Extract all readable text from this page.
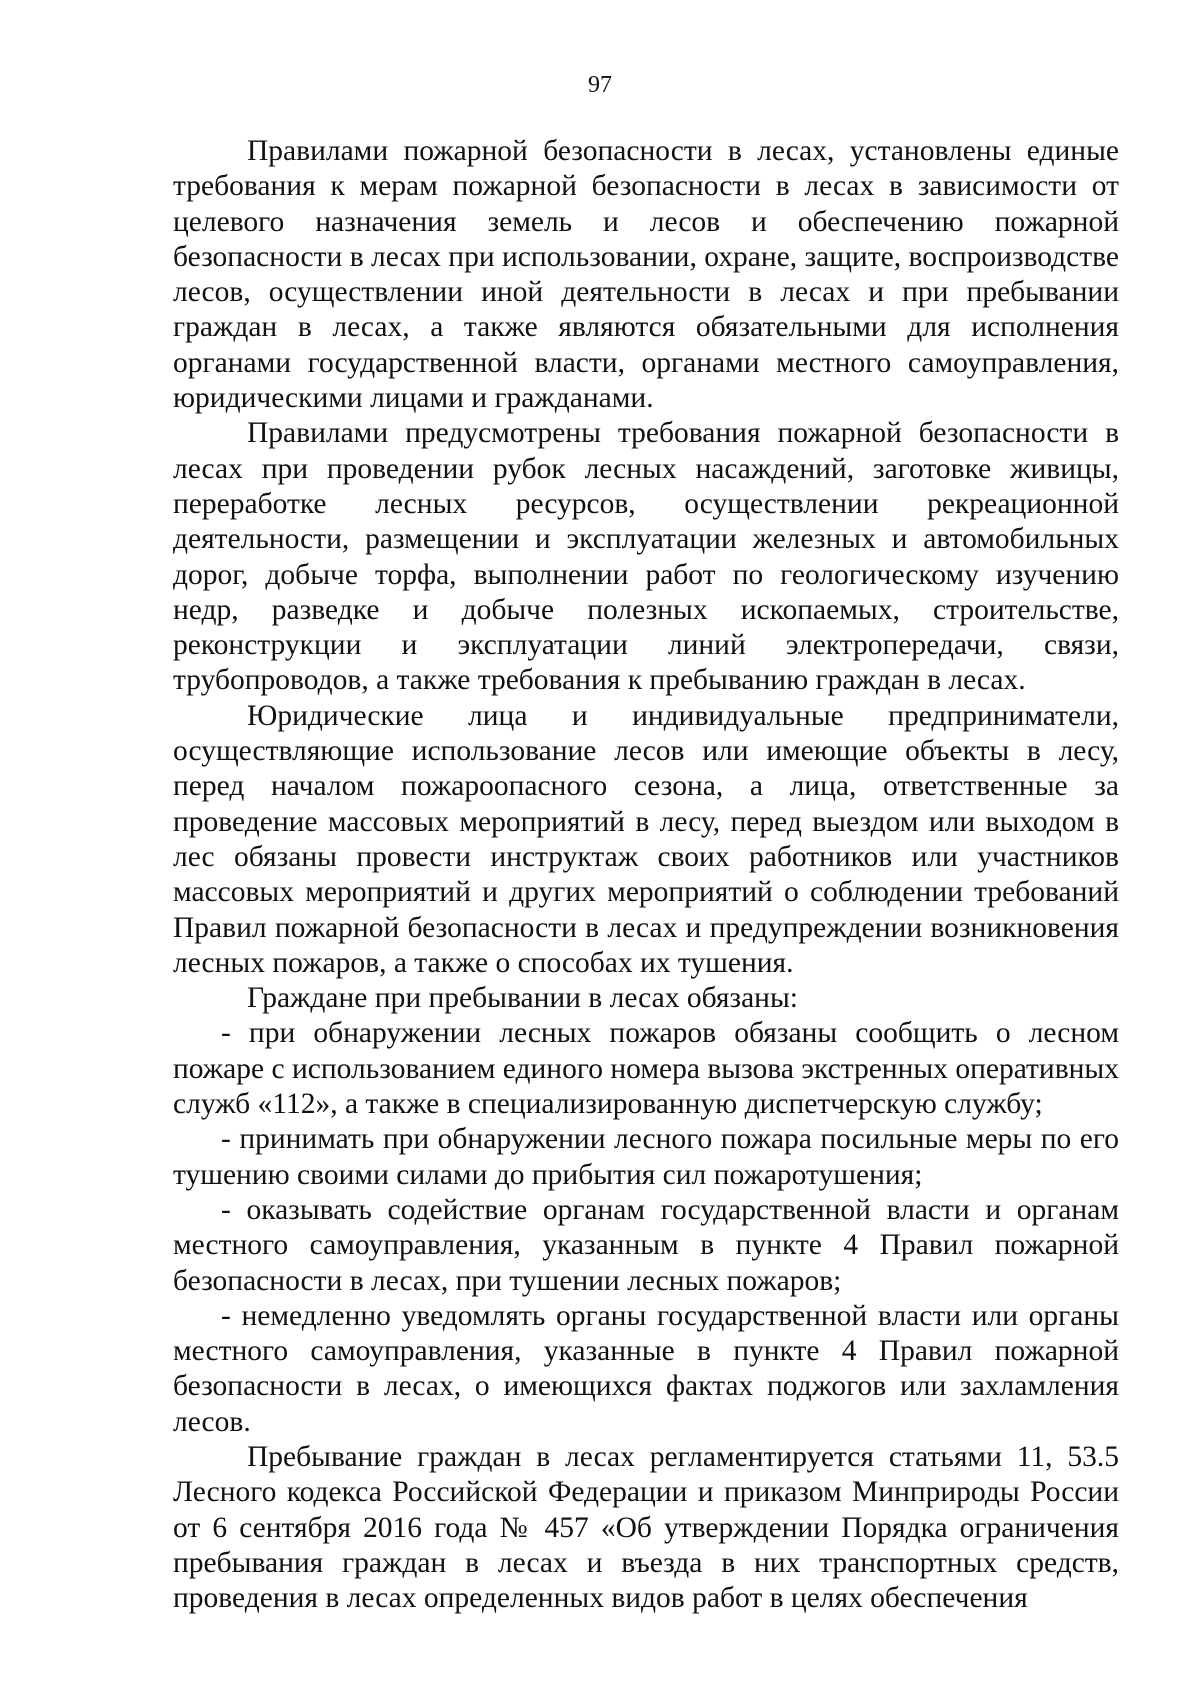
97

Правилами пожарной безопасности в лесах, установлены единые требования к мерам пожарной безопасности в лесах в зависимости от целевого назначения земель и лесов и обеспечению пожарной безопасности в лесах при использовании, охране, защите, воспроизводстве лесов, осуществлении иной деятельности в лесах и при пребывании граждан в лесах, а также являются обязательными для исполнения органами государственной власти, органами местного самоуправления, юридическими лицами и гражданами.

Правилами предусмотрены требования пожарной безопасности в лесах при проведении рубок лесных насаждений, заготовке живицы, переработке лесных ресурсов, осуществлении рекреационной деятельности, размещении и эксплуатации железных и автомобильных дорог, добыче торфа, выполнении работ по геологическому изучению недр, разведке и добыче полезных ископаемых, строительстве, реконструкции и эксплуатации линий электропередачи, связи, трубопроводов, а также требования к пребыванию граждан в лесах.

Юридические лица и индивидуальные предприниматели, осуществляющие использование лесов или имеющие объекты в лесу, перед началом пожароопасного сезона, а лица, ответственные за проведение массовых мероприятий в лесу, перед выездом или выходом в лес обязаны провести инструктаж своих работников или участников массовых мероприятий и других мероприятий о соблюдении требований Правил пожарной безопасности в лесах и предупреждении возникновения лесных пожаров, а также о способах их тушения.

Граждане при пребывании в лесах обязаны:

- при обнаружении лесных пожаров обязаны сообщить о лесном пожаре с использованием единого номера вызова экстренных оперативных служб «112», а также в специализированную диспетчерскую службу;

- принимать при обнаружении лесного пожара посильные меры по его тушению своими силами до прибытия сил пожаротушения;

- оказывать содействие органам государственной власти и органам местного самоуправления, указанным в пункте 4 Правил пожарной безопасности в лесах, при тушении лесных пожаров;

- немедленно уведомлять органы государственной власти или органы местного самоуправления, указанные в пункте 4 Правил пожарной безопасности в лесах, о имеющихся фактах поджогов или захламления лесов.

Пребывание граждан в лесах регламентируется статьями 11, 53.5 Лесного кодекса Российской Федерации и приказом Минприроды России от 6 сентября 2016 года № 457 «Об утверждении Порядка ограничения пребывания граждан в лесах и въезда в них транспортных средств, проведения в лесах определенных видов работ в целях обеспечения
